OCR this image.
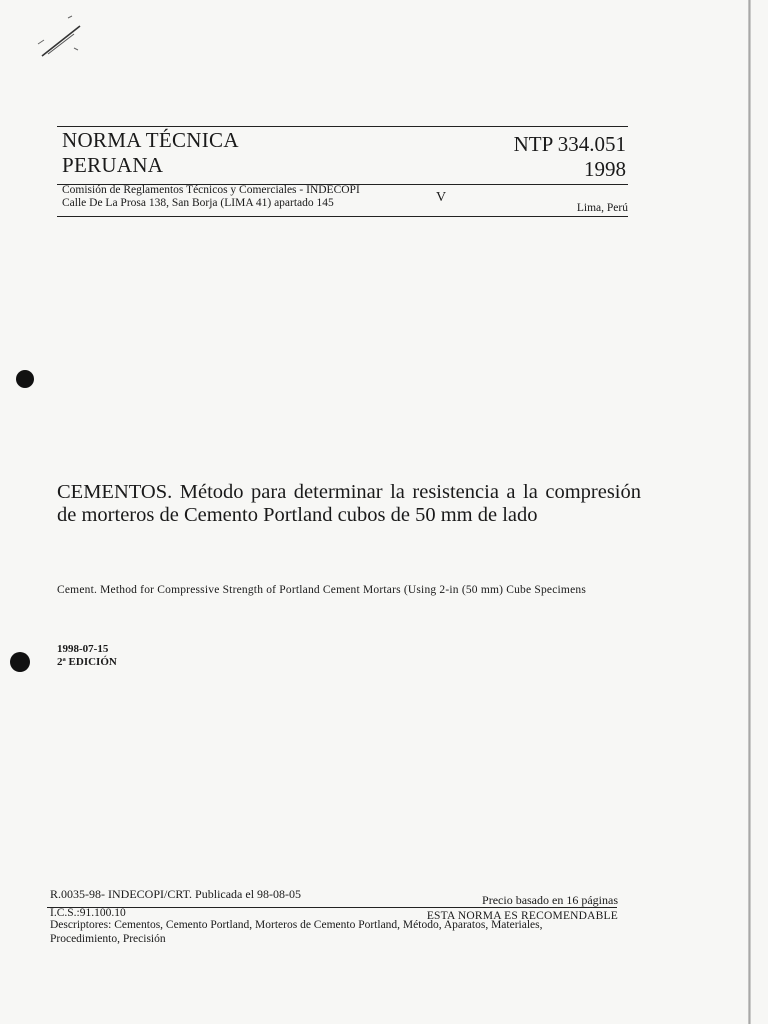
NORMA TÉCNICA
PERUANA
NTP 334.051
1998
Comisión de Reglamentos Técnicos y Comerciales - INDECOPI
Calle De La Prosa 138, San Borja (LIMA 41) apartado 145	V
Lima, Perú

CEMENTOS. Método para determinar la resistencia a la compresión de morteros de Cemento Portland cubos de 50 mm de lado

Cement. Method for Compressive Strength of Portland Cement Mortars (Using 2-in (50 mm) Cube Specimens
1998-07-15
2ª EDICIÓN
R.0035-98- INDECOPI/CRT. Publicada el 98-08-05	Precio basado en 16 páginas
I.C.S.:91.100.10	ESTA NORMA ES RECOMENDABLE
Descriptores: Cementos, Cemento Portland, Morteros de Cemento Portland, Método, Aparatos, Materiales, Procedimiento, Precisión
